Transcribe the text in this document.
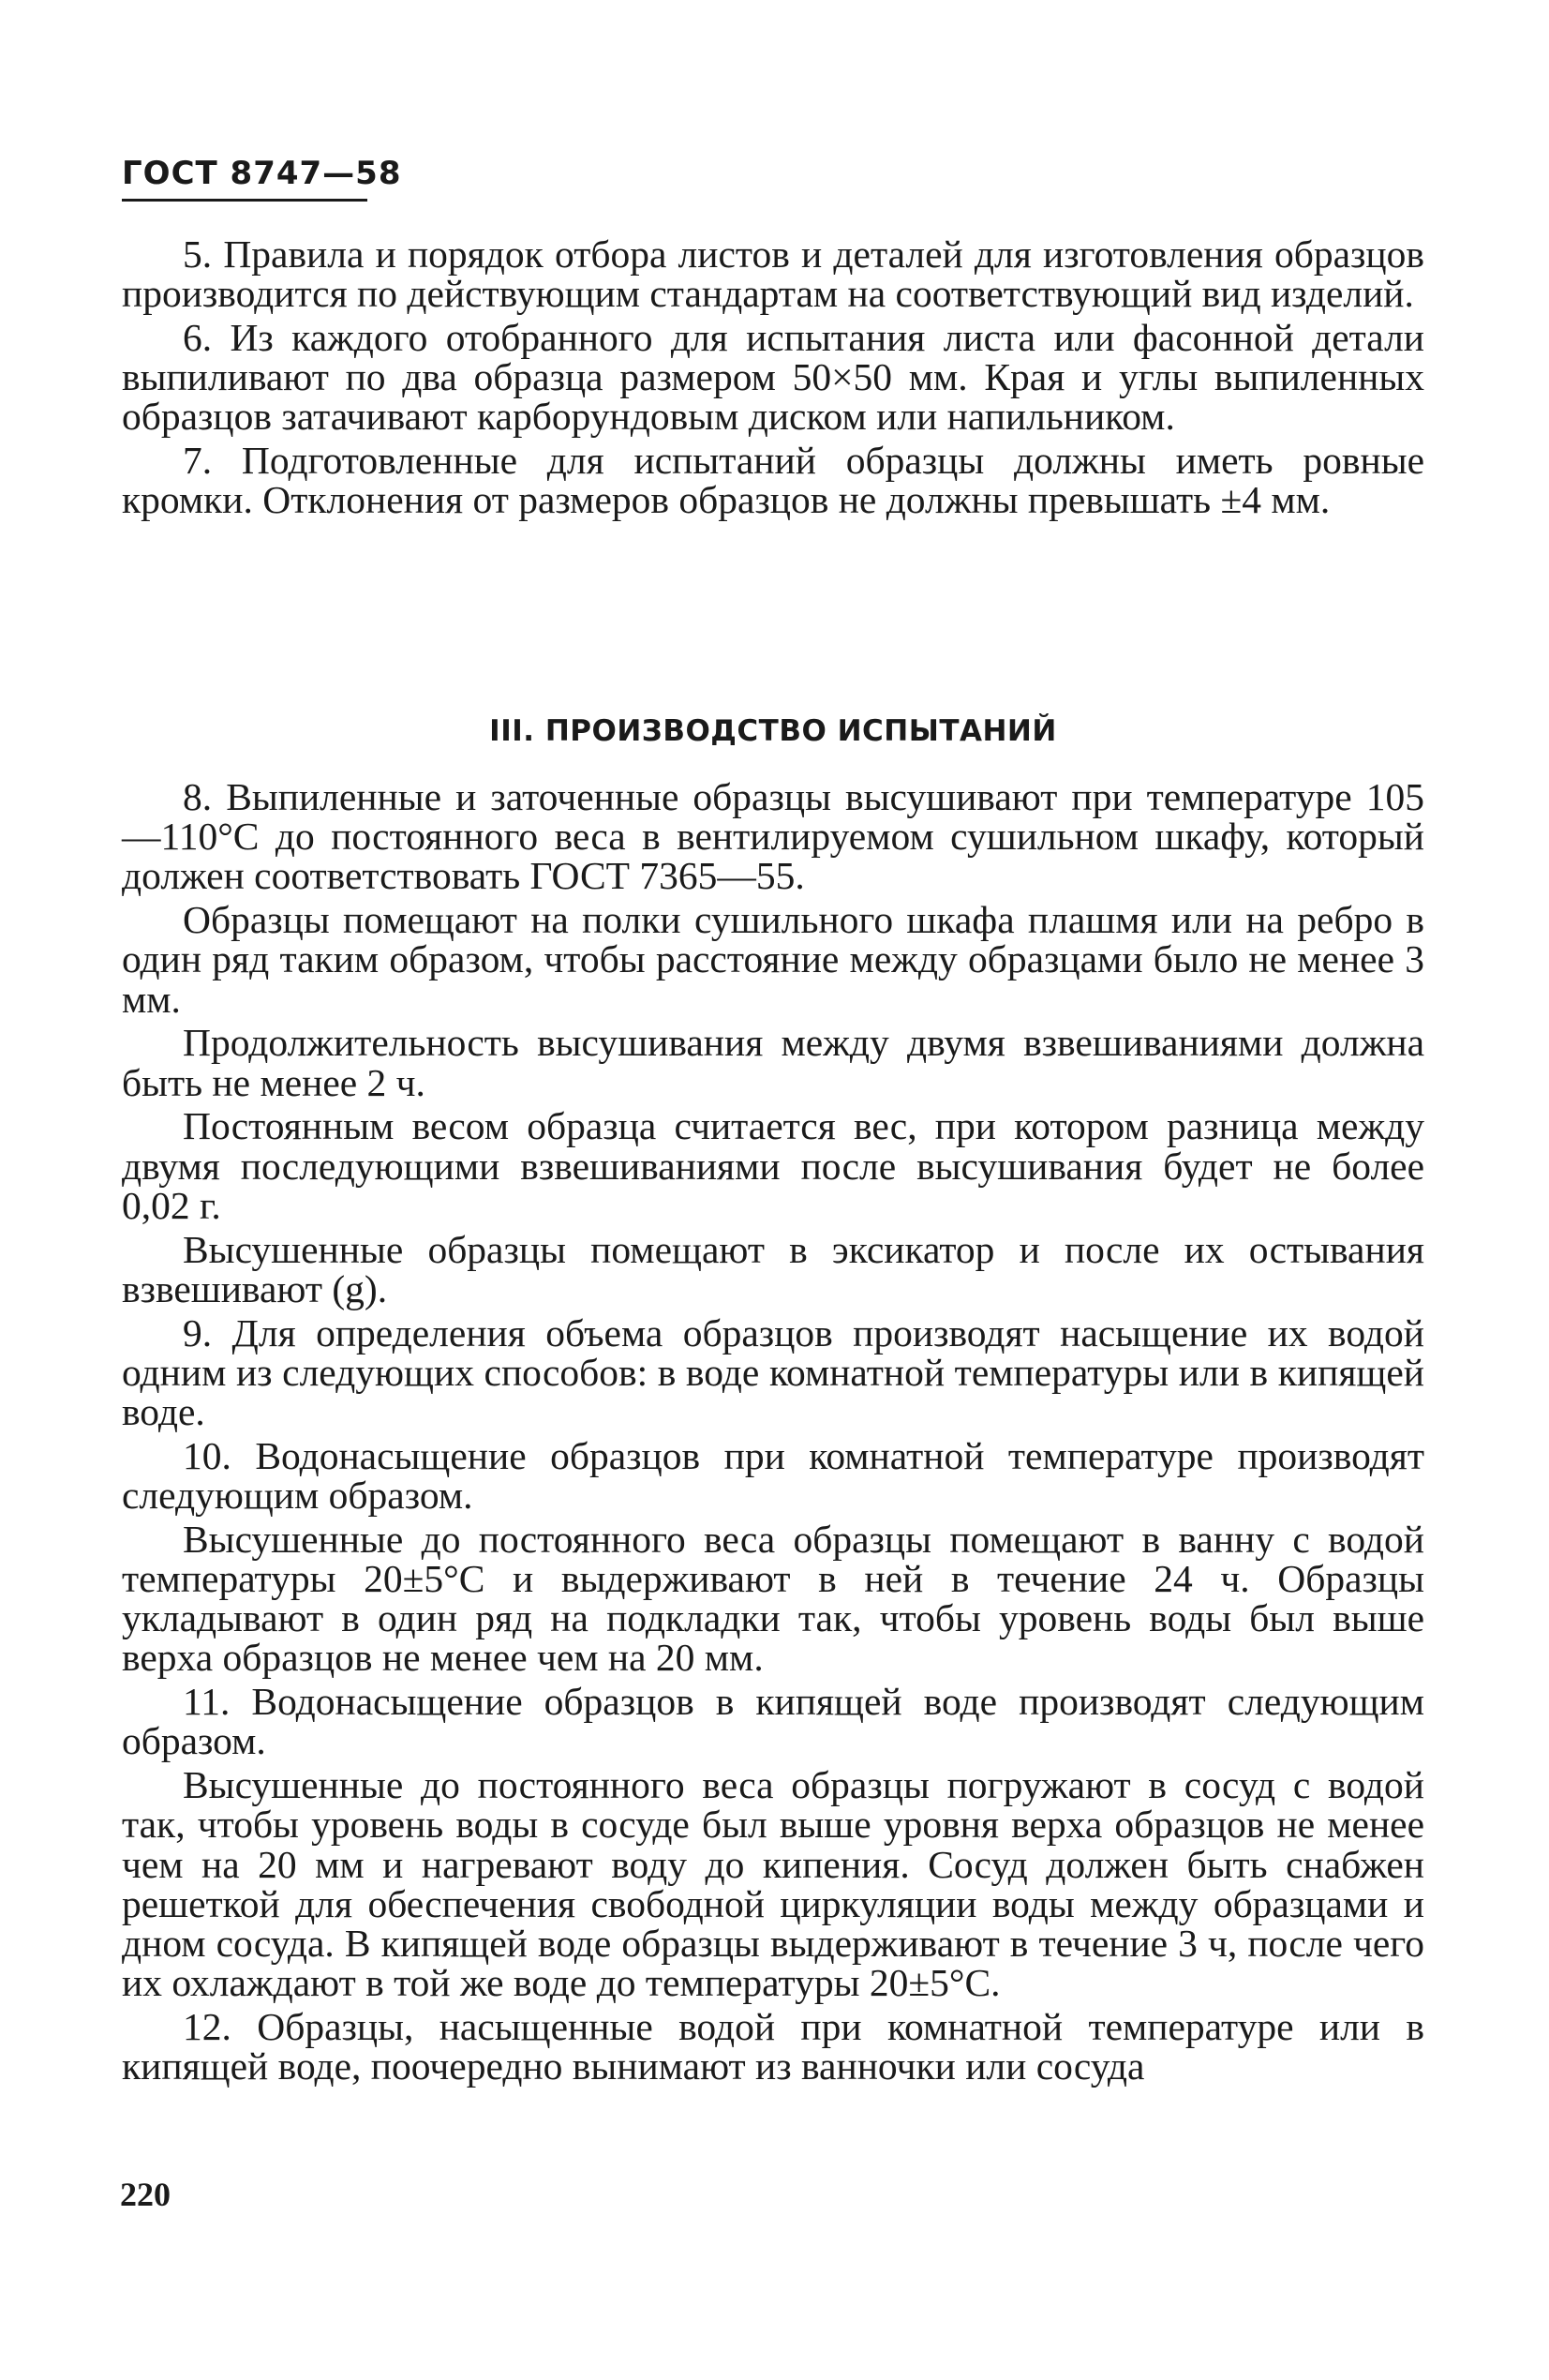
ГОСТ 8747—58

5. Правила и порядок отбора листов и деталей для изготовления образцов производится по действующим стандартам на соответствующий вид изделий.

6. Из каждого отобранного для испытания листа или фасонной детали выпиливают по два образца размером 50×50 мм. Края и углы выпиленных образцов затачивают карборундовым диском или напильником.

7. Подготовленные для испытаний образцы должны иметь ровные кромки. Отклонения от размеров образцов не должны превышать ±4 мм.

III. ПРОИЗВОДСТВО ИСПЫТАНИЙ

8. Выпиленные и заточенные образцы высушивают при температуре 105—110°С до постоянного веса в вентилируемом сушильном шкафу, который должен соответствовать ГОСТ 7365—55.

Образцы помещают на полки сушильного шкафа плашмя или на ребро в один ряд таким образом, чтобы расстояние между образцами было не менее 3 мм.

Продолжительность высушивания между двумя взвешиваниями должна быть не менее 2 ч.

Постоянным весом образца считается вес, при котором разница между двумя последующими взвешиваниями после высушивания будет не более 0,02 г.

Высушенные образцы помещают в эксикатор и после их остывания взвешивают (g).

9. Для определения объема образцов производят насыщение их водой одним из следующих способов: в воде комнатной температуры или в кипящей воде.

10. Водонасыщение образцов при комнатной температуре производят следующим образом.

Высушенные до постоянного веса образцы помещают в ванну с водой температуры 20±5°С и выдерживают в ней в течение 24 ч. Образцы укладывают в один ряд на подкладки так, чтобы уровень воды был выше верха образцов не менее чем на 20 мм.

11. Водонасыщение образцов в кипящей воде производят следующим образом.

Высушенные до постоянного веса образцы погружают в сосуд с водой так, чтобы уровень воды в сосуде был выше уровня верха образцов не менее чем на 20 мм и нагревают воду до кипения. Сосуд должен быть снабжен решеткой для обеспечения свободной циркуляции воды между образцами и дном сосуда. В кипящей воде образцы выдерживают в течение 3 ч, после чего их охлаждают в той же воде до температуры 20±5°С.

12. Образцы, насыщенные водой при комнатной температуре или в кипящей воде, поочередно вынимают из ванночки или сосуда

220
